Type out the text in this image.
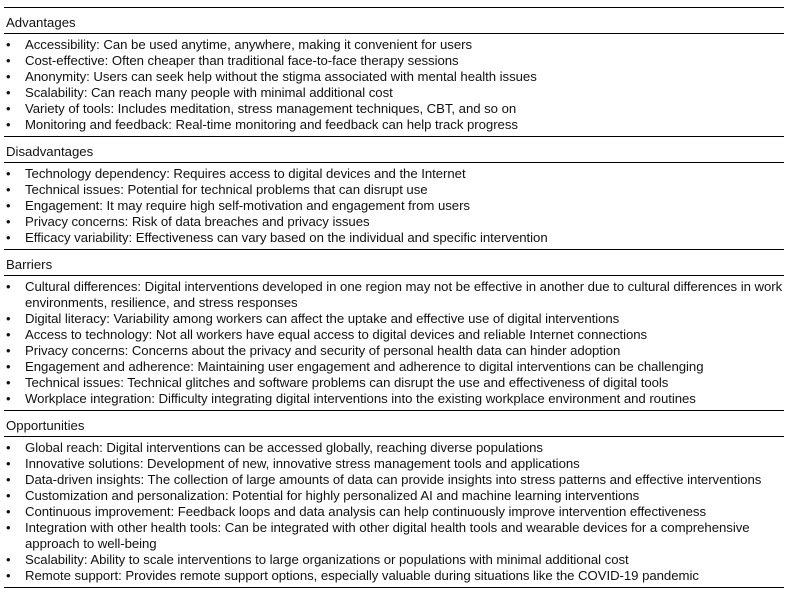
Advantages
• Accessibility: Can be used anytime, anywhere, making it convenient for users
• Cost-effective: Often cheaper than traditional face-to-face therapy sessions
• Anonymity: Users can seek help without the stigma associated with mental health issues
• Scalability: Can reach many people with minimal additional cost
• Variety of tools: Includes meditation, stress management techniques, CBT, and so on
• Monitoring and feedback: Real-time monitoring and feedback can help track progress
Disadvantages
• Technology dependency: Requires access to digital devices and the Internet
• Technical issues: Potential for technical problems that can disrupt use
• Engagement: It may require high self-motivation and engagement from users
• Privacy concerns: Risk of data breaches and privacy issues
• Efficacy variability: Effectiveness can vary based on the individual and specific intervention
Barriers
• Cultural differences: Digital interventions developed in one region may not be effective in another due to cultural differences in work environments, resilience, and stress responses
• Digital literacy: Variability among workers can affect the uptake and effective use of digital interventions
• Access to technology: Not all workers have equal access to digital devices and reliable Internet connections
• Privacy concerns: Concerns about the privacy and security of personal health data can hinder adoption
• Engagement and adherence: Maintaining user engagement and adherence to digital interventions can be challenging
• Technical issues: Technical glitches and software problems can disrupt the use and effectiveness of digital tools
• Workplace integration: Difficulty integrating digital interventions into the existing workplace environment and routines
Opportunities
• Global reach: Digital interventions can be accessed globally, reaching diverse populations
• Innovative solutions: Development of new, innovative stress management tools and applications
• Data-driven insights: The collection of large amounts of data can provide insights into stress patterns and effective interventions
• Customization and personalization: Potential for highly personalized AI and machine learning interventions
• Continuous improvement: Feedback loops and data analysis can help continuously improve intervention effectiveness
• Integration with other health tools: Can be integrated with other digital health tools and wearable devices for a comprehensive approach to well-being
• Scalability: Ability to scale interventions to large organizations or populations with minimal additional cost
• Remote support: Provides remote support options, especially valuable during situations like the COVID-19 pandemic
